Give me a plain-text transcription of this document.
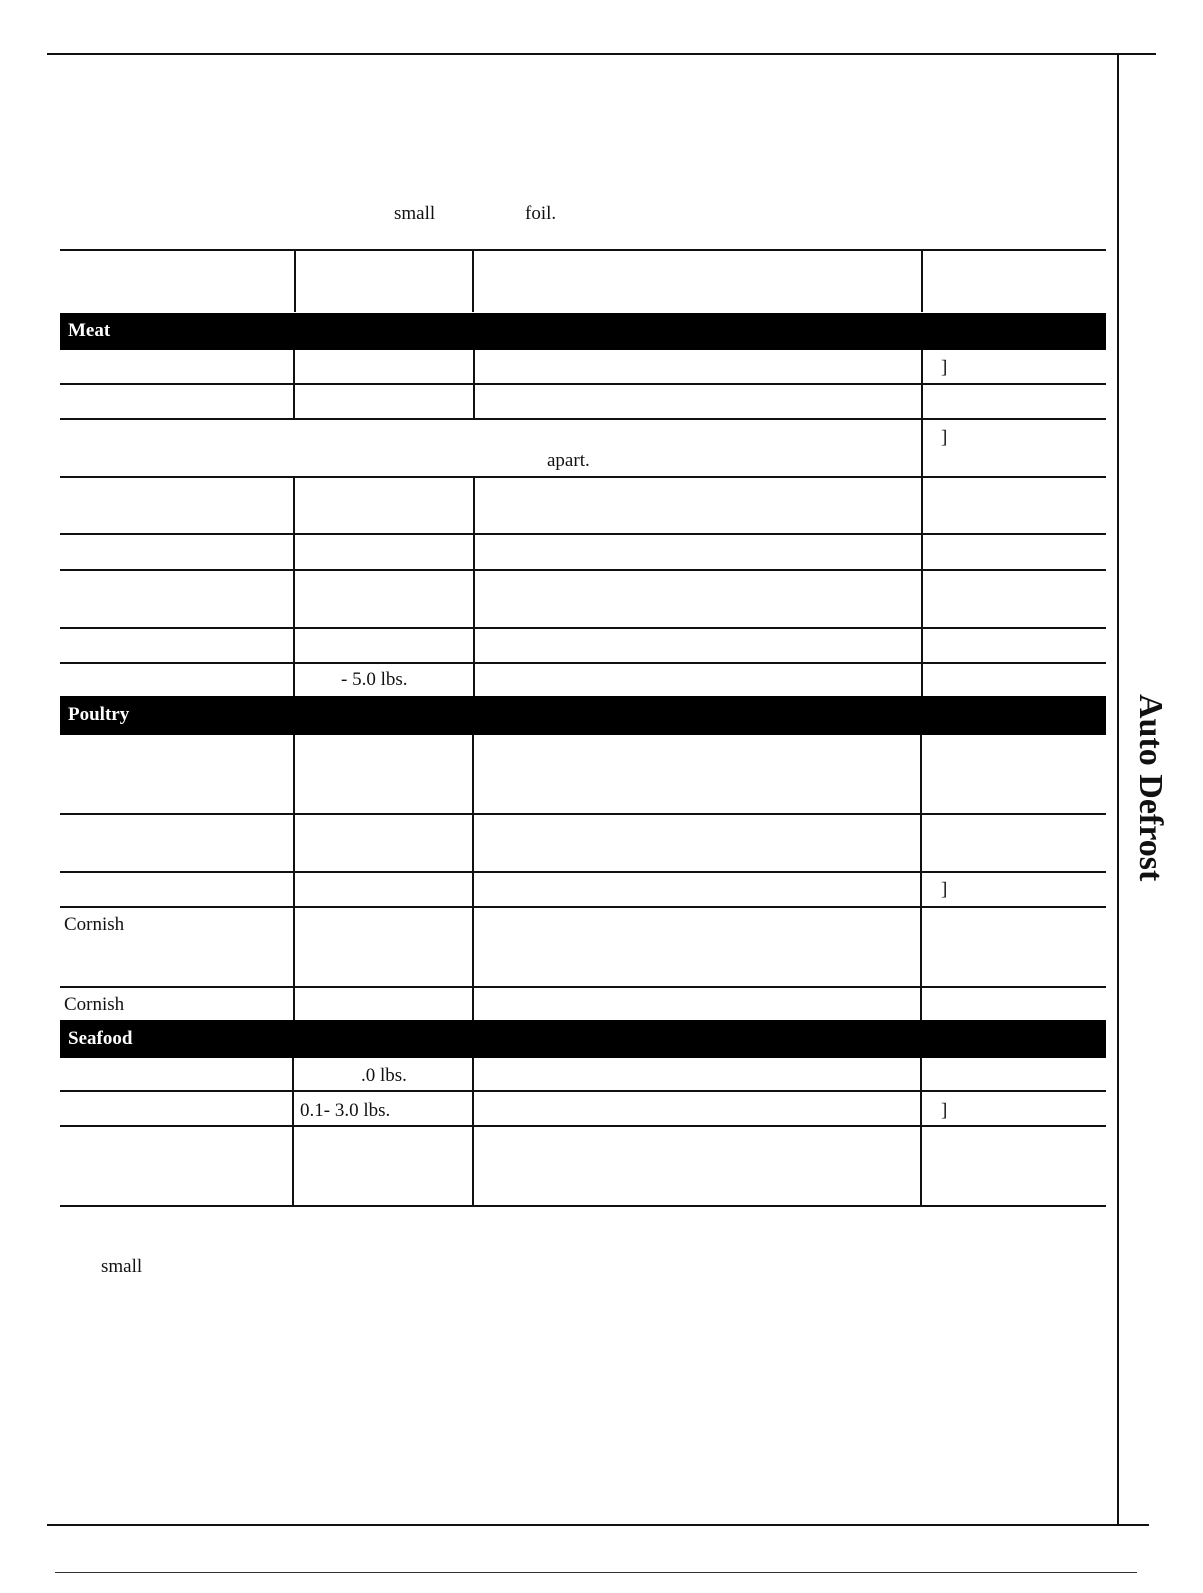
small	foil.
Meat
]
]
apart.
- 5.0 lbs.
Poultry
]
Cornish
Cornish
Seafood
.0 lbs.
0.1- 3.0 lbs.	]
small
Auto Defrost
